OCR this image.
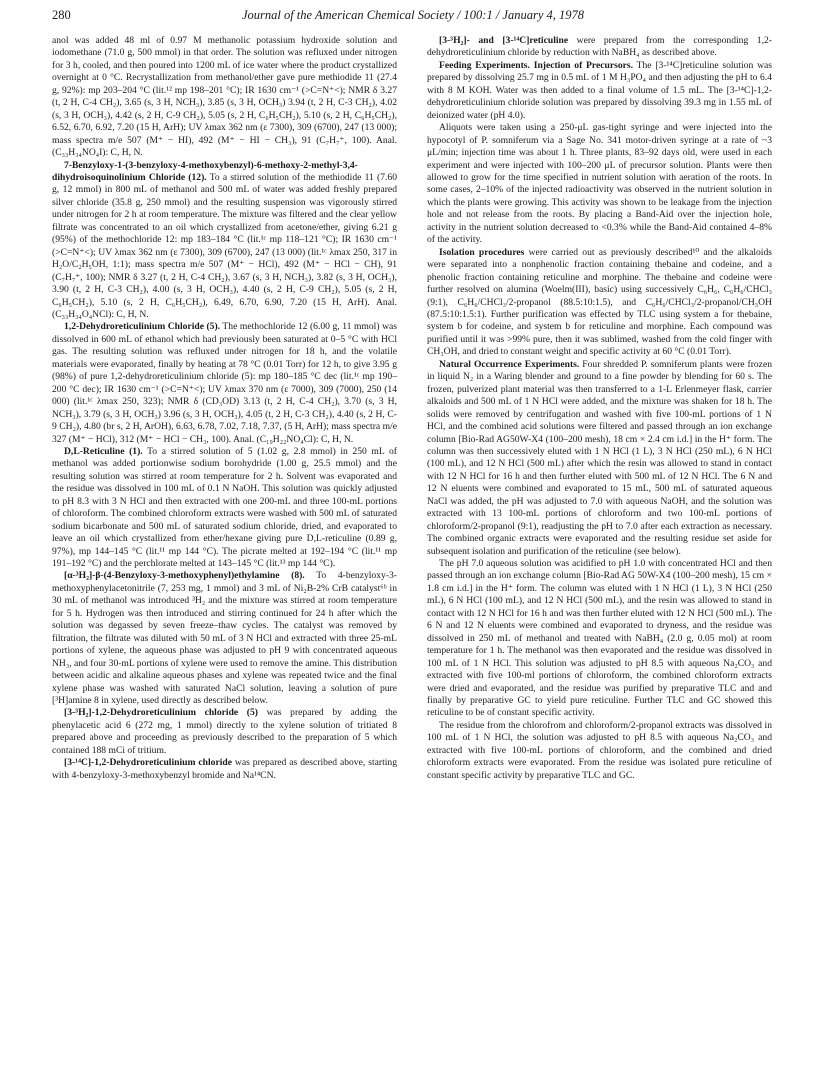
280	Journal of the American Chemical Society / 100:1 / January 4, 1978

anol was added 48 ml of 0.97 M methanolic potassium hydroxide solution and iodomethane (71.0 g, 500 mmol) in that order. The solution was refluxed under nitrogen for 3 h, cooled, and then poured into 1200 mL of ice water where the product crystallized overnight at 0 °C. Recrystallization from methanol/ether gave pure methiodide 11 (27.4 g, 92%): mp 203–204 °C (lit.¹² mp 198–201 °C); IR 1630 cm⁻¹ (>C=N⁺<); NMR δ 3.27 (t, 2 H, C-4 CH₂), 3.65 (s, 3 H, NCH₃), 3.85 (s, 3 H, OCH₃) 3.94 (t, 2 H, C-3 CH₂), 4.02 (s, 3 H, OCH₃), 4.42 (s, 2 H, C-9 CH₂), 5.05 (s, 2 H, C₆H₅CH₂), 5.10 (s, 2 H, C₆H₅CH₂), 6.52, 6.70, 6.92, 7.20 (15 H, ArH); UV λmax 362 nm (ε 7300), 309 (6700), 247 (13 000); mass spectra m/e 507 (M⁺ − HI), 492 (M⁺ − HI − CH₃), 91 (C₇H₇⁺, 100). Anal. (C₃₃H₃₄NO₄I): C, H, N.

7-Benzyloxy-1-(3-benzyloxy-4-methoxybenzyl)-6-methoxy-2-methyl-3,4-dihydroisoquinolinium Chloride (12). To a stirred solution of the methiodide 11 (7.60 g, 12 mmol) in 800 mL of methanol and 500 mL of water was added freshly prepared silver chloride (35.8 g, 250 mmol) and the resulting suspension was vigorously stirred under nitrogen for 2 h at room temperature. The mixture was filtered and the clear yellow filtrate was concentrated to an oil which crystallized from acetone/ether, giving 6.21 g (95%) of the methochloride 12: mp 183–184 °C (lit.¹ᶜ mp 118–121 °C); IR 1630 cm⁻¹ (>C=N⁺<); UV λmax 362 nm (ε 7300), 309 (6700), 247 (13 000) (lit.¹ᶜ λmax 250, 317 in H₂O/C₂H₅OH, 1:1); mass spectra m/e 507 (M⁺ − HCl), 492 (M⁺ − HCl − CH), 91 (C₇H₇⁺, 100); NMR δ 3.27 (t, 2 H, C-4 CH₂), 3.67 (s, 3 H, NCH₃), 3.82 (s, 3 H, OCH₃), 3.90 (t, 2 H, C-3 CH₂), 4.00 (s, 3 H, OCH₃), 4.40 (s, 2 H, C-9 CH₂), 5.05 (s, 2 H, C₆H₅CH₂), 5.10 (s, 2 H, C₆H₅CH₂), 6.49, 6.70, 6.90, 7.20 (15 H, ArH). Anal. (C₃₃H₃₄O₄NCl): C, H, N.

1,2-Dehydroreticulinium Chloride (5). The methochloride 12 (6.00 g, 11 mmol) was dissolved in 600 mL of ethanol which had previously been saturated at 0–5 °C with HCl gas. The resulting solution was refluxed under nitrogen for 18 h, and the volatile materials were evaporated, finally by heating at 78 °C (0.01 Torr) for 12 h, to give 3.95 g (98%) of pure 1,2-dehydroreticulinium chloride (5): mp 180–185 °C dec (lit.¹ᶜ mp 190–200 °C dec); IR 1630 cm⁻¹ (>C=N⁺<); UV λmax 370 nm (ε 7000), 309 (7000), 250 (14 000) (lit.¹ᶜ λmax 250, 323); NMR δ (CD₃OD) 3.13 (t, 2 H, C-4 CH₂), 3.70 (s, 3 H, NCH₃), 3.79 (s, 3 H, OCH₃) 3.96 (s, 3 H, OCH₃), 4.05 (t, 2 H, C-3 CH₂), 4.40 (s, 2 H, C-9 CH₂), 4.80 (br s, 2 H, ArOH), 6.63, 6.78, 7.02, 7.18, 7.37, (5 H, ArH); mass spectra m/e 327 (M⁺ − HCl), 312 (M⁺ − HCl − CH₃, 100). Anal. (C₁₉H₂₂NO₄Cl): C, H, N.

D,L-Reticuline (1). To a stirred solution of 5 (1.02 g, 2.8 mmol) in 250 mL of methanol was added portionwise sodium borohydride (1.00 g, 25.5 mmol) and the resulting solution was stirred at room temperature for 2 h. Solvent was evaporated and the residue was dissolved in 100 mL of 0.1 N NaOH. This solution was quickly adjusted to pH 8.3 with 3 N HCl and then extracted with one 200-mL and three 100-mL portions of chloroform. The combined chloroform extracts were washed with 500 mL of saturated sodium bicarbonate and 500 mL of saturated sodium chloride, dried, and evaporated to leave an oil which crystallized from ether/hexane giving pure D,L-reticuline (0.89 g, 97%), mp 144–145 °C (lit.¹¹ mp 144 °C). The picrate melted at 192–194 °C (lit.¹¹ mp 191–192 °C) and the perchlorate melted at 143–145 °C (lit.¹³ mp 144 °C).

[α-³H₂]-β-(4-Benzyloxy-3-methoxyphenyl)ethylamine (8). To 4-benzyloxy-3-methoxyphenylacetonitrile (7, 253 mg, 1 mmol) and 3 mL of Ni₂B-2% CrB catalyst⁶ᵇ in 30 mL of methanol was introduced ³H₂ and the mixture was stirred at room temperature for 5 h. Hydrogen was then introduced and stirring continued for 24 h after which the solution was degassed by seven freeze–thaw cycles. The catalyst was removed by filtration, the filtrate was diluted with 50 mL of 3 N HCl and extracted with three 25-mL portions of xylene, the aqueous phase was adjusted to pH 9 with concentrated aqueous NH₃, and four 30-mL portions of xylene were used to remove the amine. This distribution between acidic and alkaline aqueous phases and xylene was repeated twice and the final xylene phase was washed with saturated NaCl solution, leaving a solution of pure [³H]amine 8 in xylene, used directly as described below.

[3-³H₂]-1,2-Dehydroreticulinium chloride (5) was prepared by adding the phenylacetic acid 6 (272 mg, 1 mmol) directly to the xylene solution of tritiated 8 prepared above and proceeding as previously described to the preparation of 5 which contained 188 mCi of tritium.

[3-¹⁴C]-1,2-Dehydroreticulinium chloride was prepared as described above, starting with 4-benzyloxy-3-methoxybenzyl bromide and Na¹⁴CN.

[3-³H₂]- and [3-¹⁴C]reticuline were prepared from the corresponding 1,2-dehydroreticulinium chloride by reduction with NaBH₄ as described above.

Feeding Experiments. Injection of Precursors. The [3-¹⁴C]reticuline solution was prepared by dissolving 25.7 mg in 0.5 mL of 1 M H₃PO₄ and then adjusting the pH to 6.4 with 8 M KOH. Water was then added to a final volume of 1.5 mL. The [3-¹⁴C]-1,2-dehydroreticulinium chloride solution was prepared by dissolving 39.3 mg in 1.55 mL of deionized water (pH 4.0).

Aliquots were taken using a 250-μL gas-tight syringe and were injected into the hypocotyl of P. somniferum via a Sage No. 341 motor-driven syringe at a rate of ~3 μL/min; injection time was about 1 h. Three plants, 83–92 days old, were used in each experiment and were injected with 100–200 μL of precursor solution. Plants were then allowed to grow for the time specified in nutrient solution with aeration of the roots. In some cases, 2–10% of the injected radioactivity was observed in the nutrient solution in which the plants were growing. This activity was shown to be leakage from the injection hole and not release from the roots. By placing a Band-Aid over the injection hole, activity in the nutrient solution decreased to <0.3% while the Band-Aid contained 4–8% of the activity.

Isolation procedures were carried out as previously described¹⁰ and the alkaloids were separated into a nonphenolic fraction containing thebaine and codeine, and a phenolic fraction containing reticuline and morphine. The thebaine and codeine were further resolved on alumina (Woelm(III), basic) using successively C₆H₆, C₆H₆/CHCl₃ (9:1), C₆H₆/CHCl₃/2-propanol (88.5:10:1.5), and C₆H₆/CHCl₃/2-propanol/CH₃OH (87.5:10:1.5:1). Further purification was effected by TLC using system a for thebaine, system b for codeine, and system b for reticuline and morphine. Each compound was purified until it was >99% pure, then it was sublimed, washed from the cold finger with CH₃OH, and dried to constant weight and specific activity at 60 °C (0.01 Torr).

Natural Occurrence Experiments. Four shredded P. somniferum plants were frozen in liquid N₂ in a Waring blender and ground to a fine powder by blending for 60 s. The frozen, pulverized plant material was then transferred to a 1-L Erlenmeyer flask, carrier alkaloids and 500 mL of 1 N HCl were added, and the mixture was shaken for 18 h. The solids were removed by centrifugation and washed with five 100-mL portions of 1 N HCl, and the combined acid solutions were filtered and passed through an ion exchange column [Bio-Rad AG50W-X4 (100–200 mesh), 18 cm × 2.4 cm i.d.] in the H⁺ form. The column was then successively eluted with 1 N HCl (1 L), 3 N HCl (250 mL), 6 N HCl (100 mL), and 12 N HCl (500 mL) after which the resin was allowed to stand in contact with 12 N HCl for 16 h and then further eluted with 500 mL of 12 N HCl. The 6 N and 12 N eluents were combined and evaporated to 15 mL, 500 mL of saturated aqueous NaCl was added, the pH was adjusted to 7.0 with aqueous NaOH, and the solution was extracted with 13 100-mL portions of chloroform and two 100-mL portions of chloroform/2-propanol (9:1), readjusting the pH to 7.0 after each extraction as necessary. The combined organic extracts were evaporated and the resulting residue set aside for subsequent isolation and purification of the reticuline (see below).

The pH 7.0 aqueous solution was acidified to pH 1.0 with concentrated HCl and then passed through an ion exchange column [Bio-Rad AG 50W-X4 (100–200 mesh), 15 cm × 1.8 cm i.d.] in the H⁺ form. The column was eluted with 1 N HCl (1 L), 3 N HCl (250 mL), 6 N HCl (100 mL), and 12 N HCl (500 mL), and the resin was allowed to stand in contact with 12 N HCl for 16 h and was then further eluted with 12 N HCl (500 mL). The 6 N and 12 N eluents were combined and evaporated to dryness, and the residue was dissolved in 250 mL of methanol and treated with NaBH₄ (2.0 g, 0.05 mol) at room temperature for 1 h. The methanol was then evaporated and the residue was dissolved in 100 mL of 1 N HCl. This solution was adjusted to pH 8.5 with aqueous Na₂CO₃ and extracted with five 100-ml portions of chloroform, the combined chloroform extracts were dried and evaporated, and the residue was purified by preparative TLC and and finally by preparative GC to yield pure reticuline. Further TLC and GC showed this reticuline to be of constant specific activity.

The residue from the chlorofrom and chloroform/2-propanol extracts was dissolved in 100 mL of 1 N HCl, the solution was adjusted to pH 8.5 with aqueous Na₂CO₃ and extracted with five 100-mL portions of chloroform, and the combined and dried chloroform extracts were evaporated. From the residue was isolated pure reticuline of constant specific activity by preparative TLC and GC.
